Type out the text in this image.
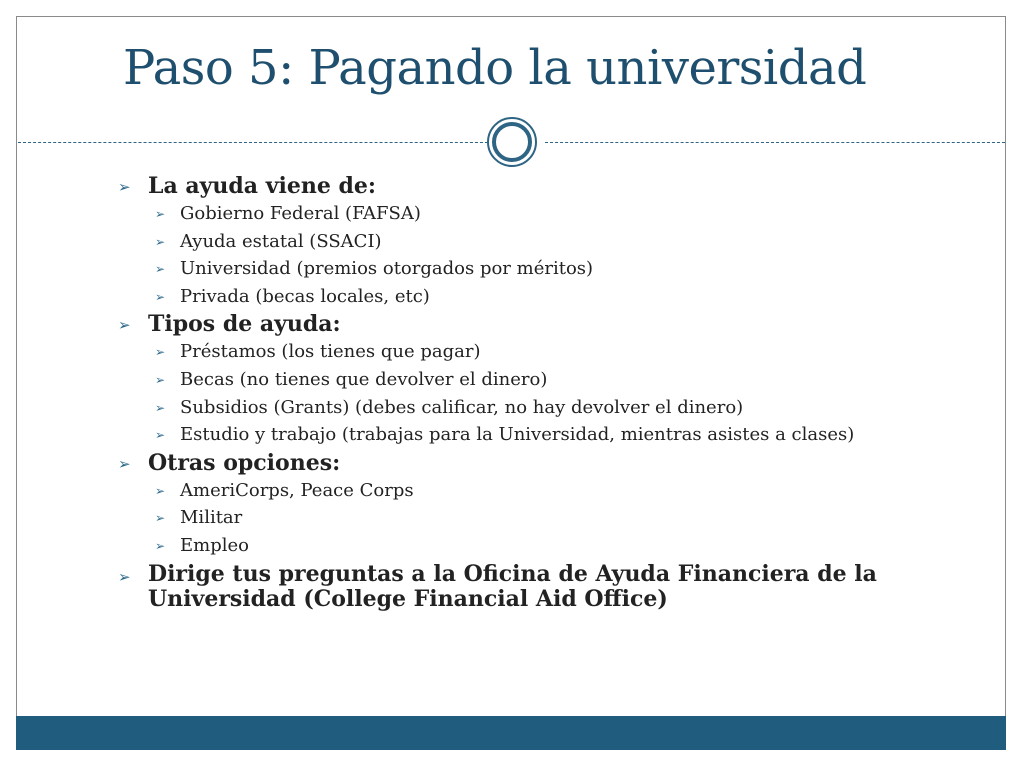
Paso 5: Pagando la universidad

➢ La ayuda viene de:

➢ Gobierno Federal (FAFSA)

➢ Ayuda estatal (SSACI)

➢ Universidad (premios otorgados por méritos)

➢ Privada (becas locales, etc)

➢ Tipos de ayuda:

➢ Préstamos (los tienes que pagar)

➢ Becas (no tienes que devolver el dinero)

➢ Subsidios (Grants) (debes calificar, no hay devolver el dinero)

➢ Estudio y trabajo (trabajas para la Universidad, mientras asistes a clases)

➢ Otras opciones:

➢ AmeriCorps, Peace Corps

➢ Militar

➢ Empleo

➢ Dirige tus preguntas a la Oficina de Ayuda Financiera de la
Universidad (College Financial Aid Office)
